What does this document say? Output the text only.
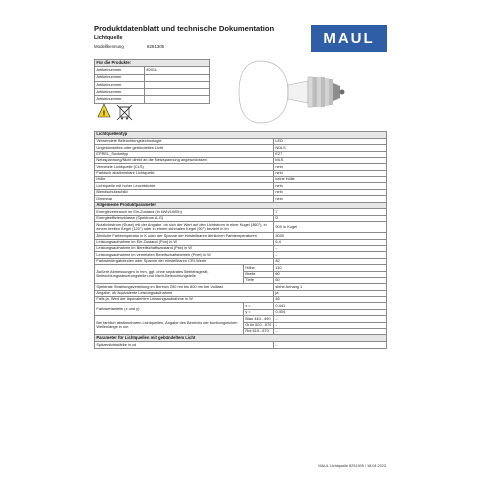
Produktdatenblatt und technische Dokumentation
Lichtquelle
Modellkennung	8291305	MAUL
Für die Produkte:	
Artikelnummer	82011
Artikelnummer	
Artikelnummer	
Artikelnummer	
Artikelnummer	
!
Lichtquellentyp		
Verwendete Beleuchtungstechnologie		LED
Ungebündeltes oder gebündeltes Licht		NDLS
EPREL_Sockeltyp		E27
Netzspannung/Nicht direkt an die Netzspannung angeschlossen		MLS
Vernetzte Lichtquelle (CLS)		nein
Farbisch abstimmbare Lichtquelle		nein
Hülle		keine Hülle
Lichtquelle mit hoher Leuchtdichte		nein
Blendschutzschild		nein
Dimmbar		nein
Allgemeine Produktparameter		
Energieverbrauch im Ein-Zustand (in kWh/1000h)		7
Energieeffizienzklasse (Spektrum A-G)		D
Nutzlichtstrom (Φuse) mit der Angabe, ob sich der Wert auf den Lichtstrom in einer Kugel (360°), in einem breiten Kegel (120°) oder in einem schmalen Kegel (90°) bezieht in lm		900 in Kugel
Ähnliche Farbtemperatur in K oder der Spanne der einstellbaren ähnlichen Farbtemperaturen		3000
Leistungsaufnahme im Ein-Zustand (Pon) in W		6,4
Leistungsaufnahme im Bereitschaftszustand (Psb) in W		–
Leistungsaufnahme im vernetzten Bereitschaftsbetrieb (Pnet) in W		–
Farbwiedergabeindex oder Spanne der einstellbaren CRI-Werte		82
Äußere Abmessungen in mm, ggf. ohne separates Betriebsgerät, Beleuchtungssteuerungsteile und Nicht-Beleuchtungsteile	Höhe	110
	Breite	60
	Tiefe	60
Spektrale Strahlungsverteilung im Bereich 250 nm bis 800 nm bei Volllast		siehe Anhang 1
Angabe, ob äquivalente Leistungsaufnahme		ja
Falls ja, Wert der äquivalenten Leistungsaufnahme in W		46
Farbwertanteile (x und y)	x =	0,441
	y =	0,404
Bei farblich abstimmbaren Lichtquellen, Angabe des Bereichs der bunttongleichen Wellenlänge in nm	Blau 440...490	–
	Grün 520...570	–
	Rot 610...670	–
Parameter für Lichtquellen mit gebündeltem Licht		
Spitzenlichtstärke in cd		–
MAUL Lichtquelle 8291305 / 18.04.2023
